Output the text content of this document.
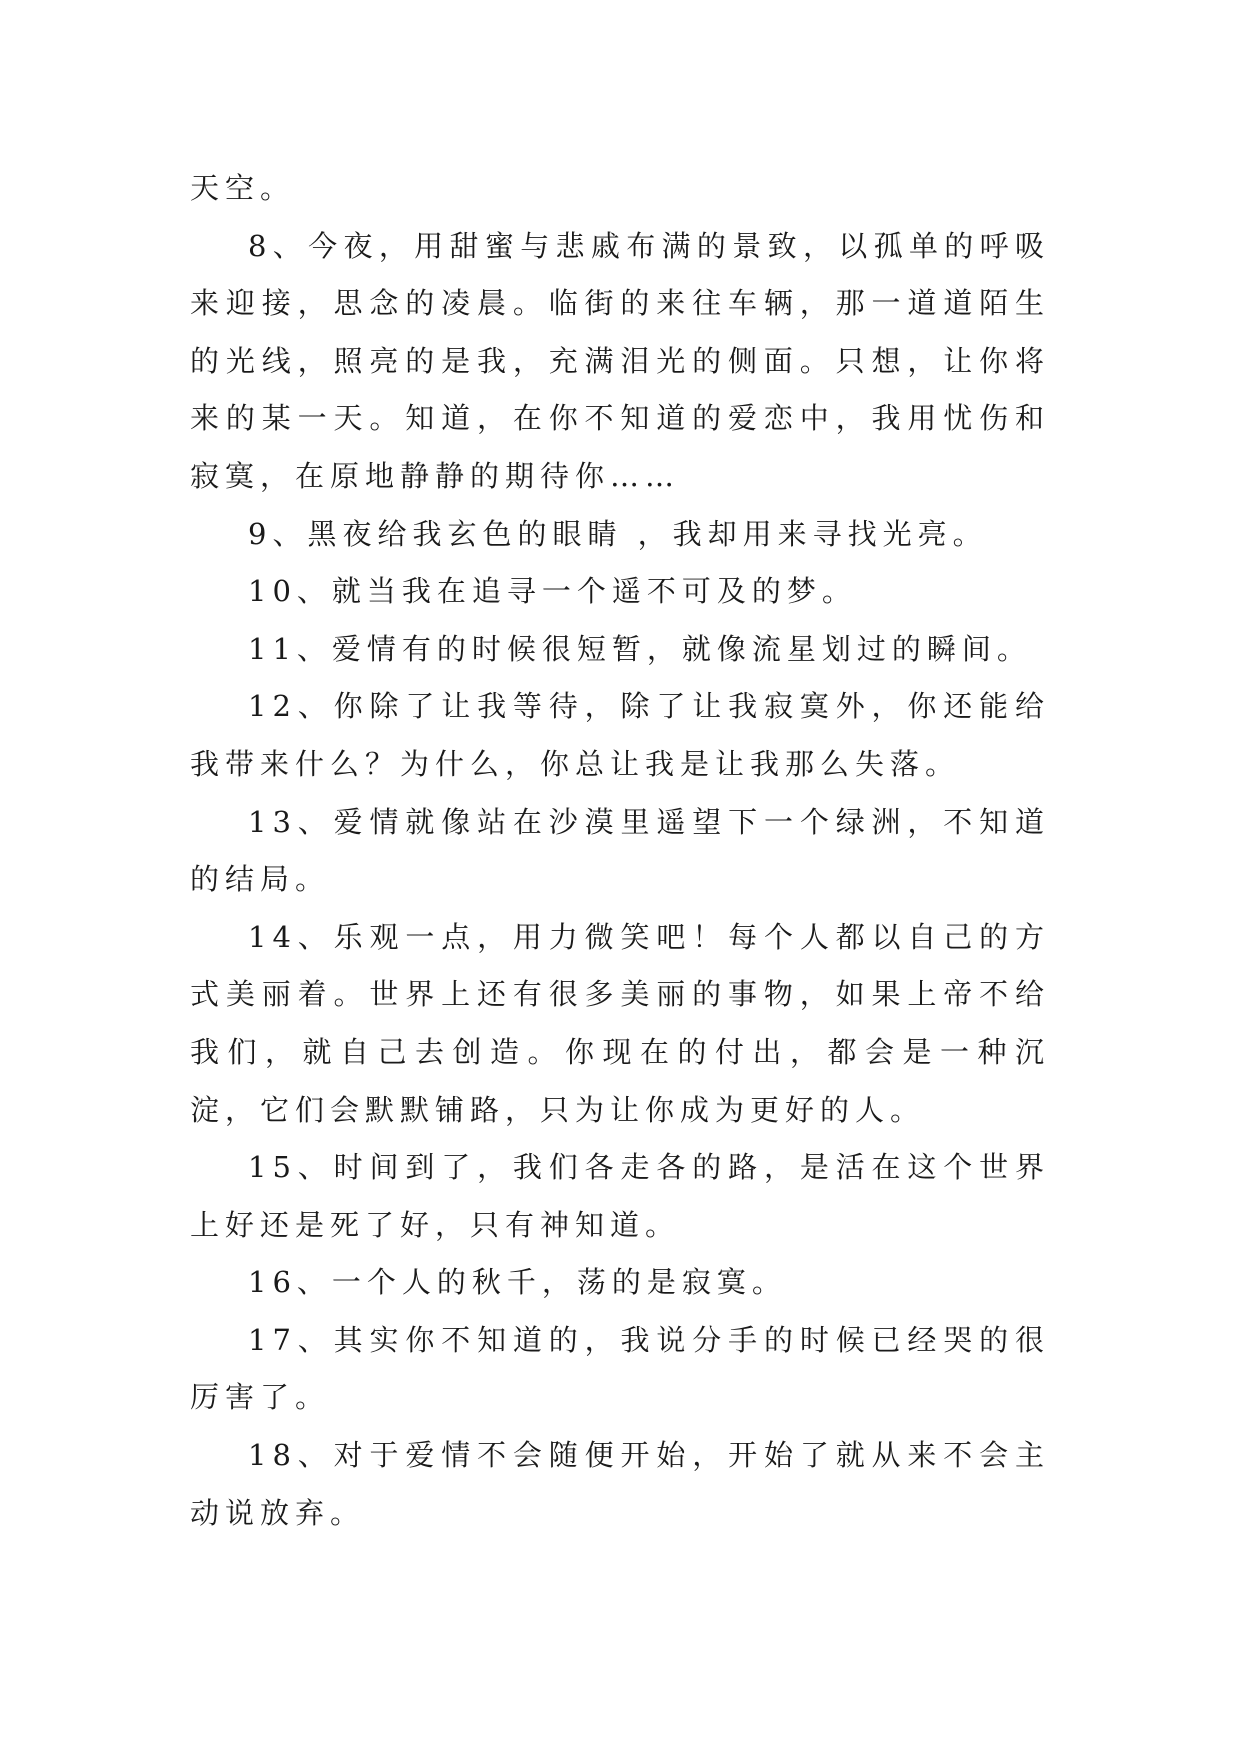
天空。

8、今夜，用甜蜜与悲戚布满的景致，以孤单的呼吸来迎接，思念的凌晨。临街的来往车辆，那一道道陌生的光线，照亮的是我，充满泪光的侧面。只想，让你将来的某一天。知道，在你不知道的爱恋中，我用忧伤和寂寞，在原地静静的期待你……

9、黑夜给我玄色的眼睛 ，我却用来寻找光亮。

10、就当我在追寻一个遥不可及的梦。

11、爱情有的时候很短暂，就像流星划过的瞬间。

12、你除了让我等待，除了让我寂寞外，你还能给我带来什么？为什么，你总让我是让我那么失落。

13、爱情就像站在沙漠里遥望下一个绿洲，不知道的结局。

14、乐观一点，用力微笑吧！每个人都以自己的方式美丽着。世界上还有很多美丽的事物，如果上帝不给我们，就自己去创造。你现在的付出，都会是一种沉淀，它们会默默铺路，只为让你成为更好的人。

15、时间到了，我们各走各的路，是活在这个世界上好还是死了好，只有神知道。

16、一个人的秋千，荡的是寂寞。

17、其实你不知道的，我说分手的时候已经哭的很厉害了。

18、对于爱情不会随便开始，开始了就从来不会主动说放弃。
